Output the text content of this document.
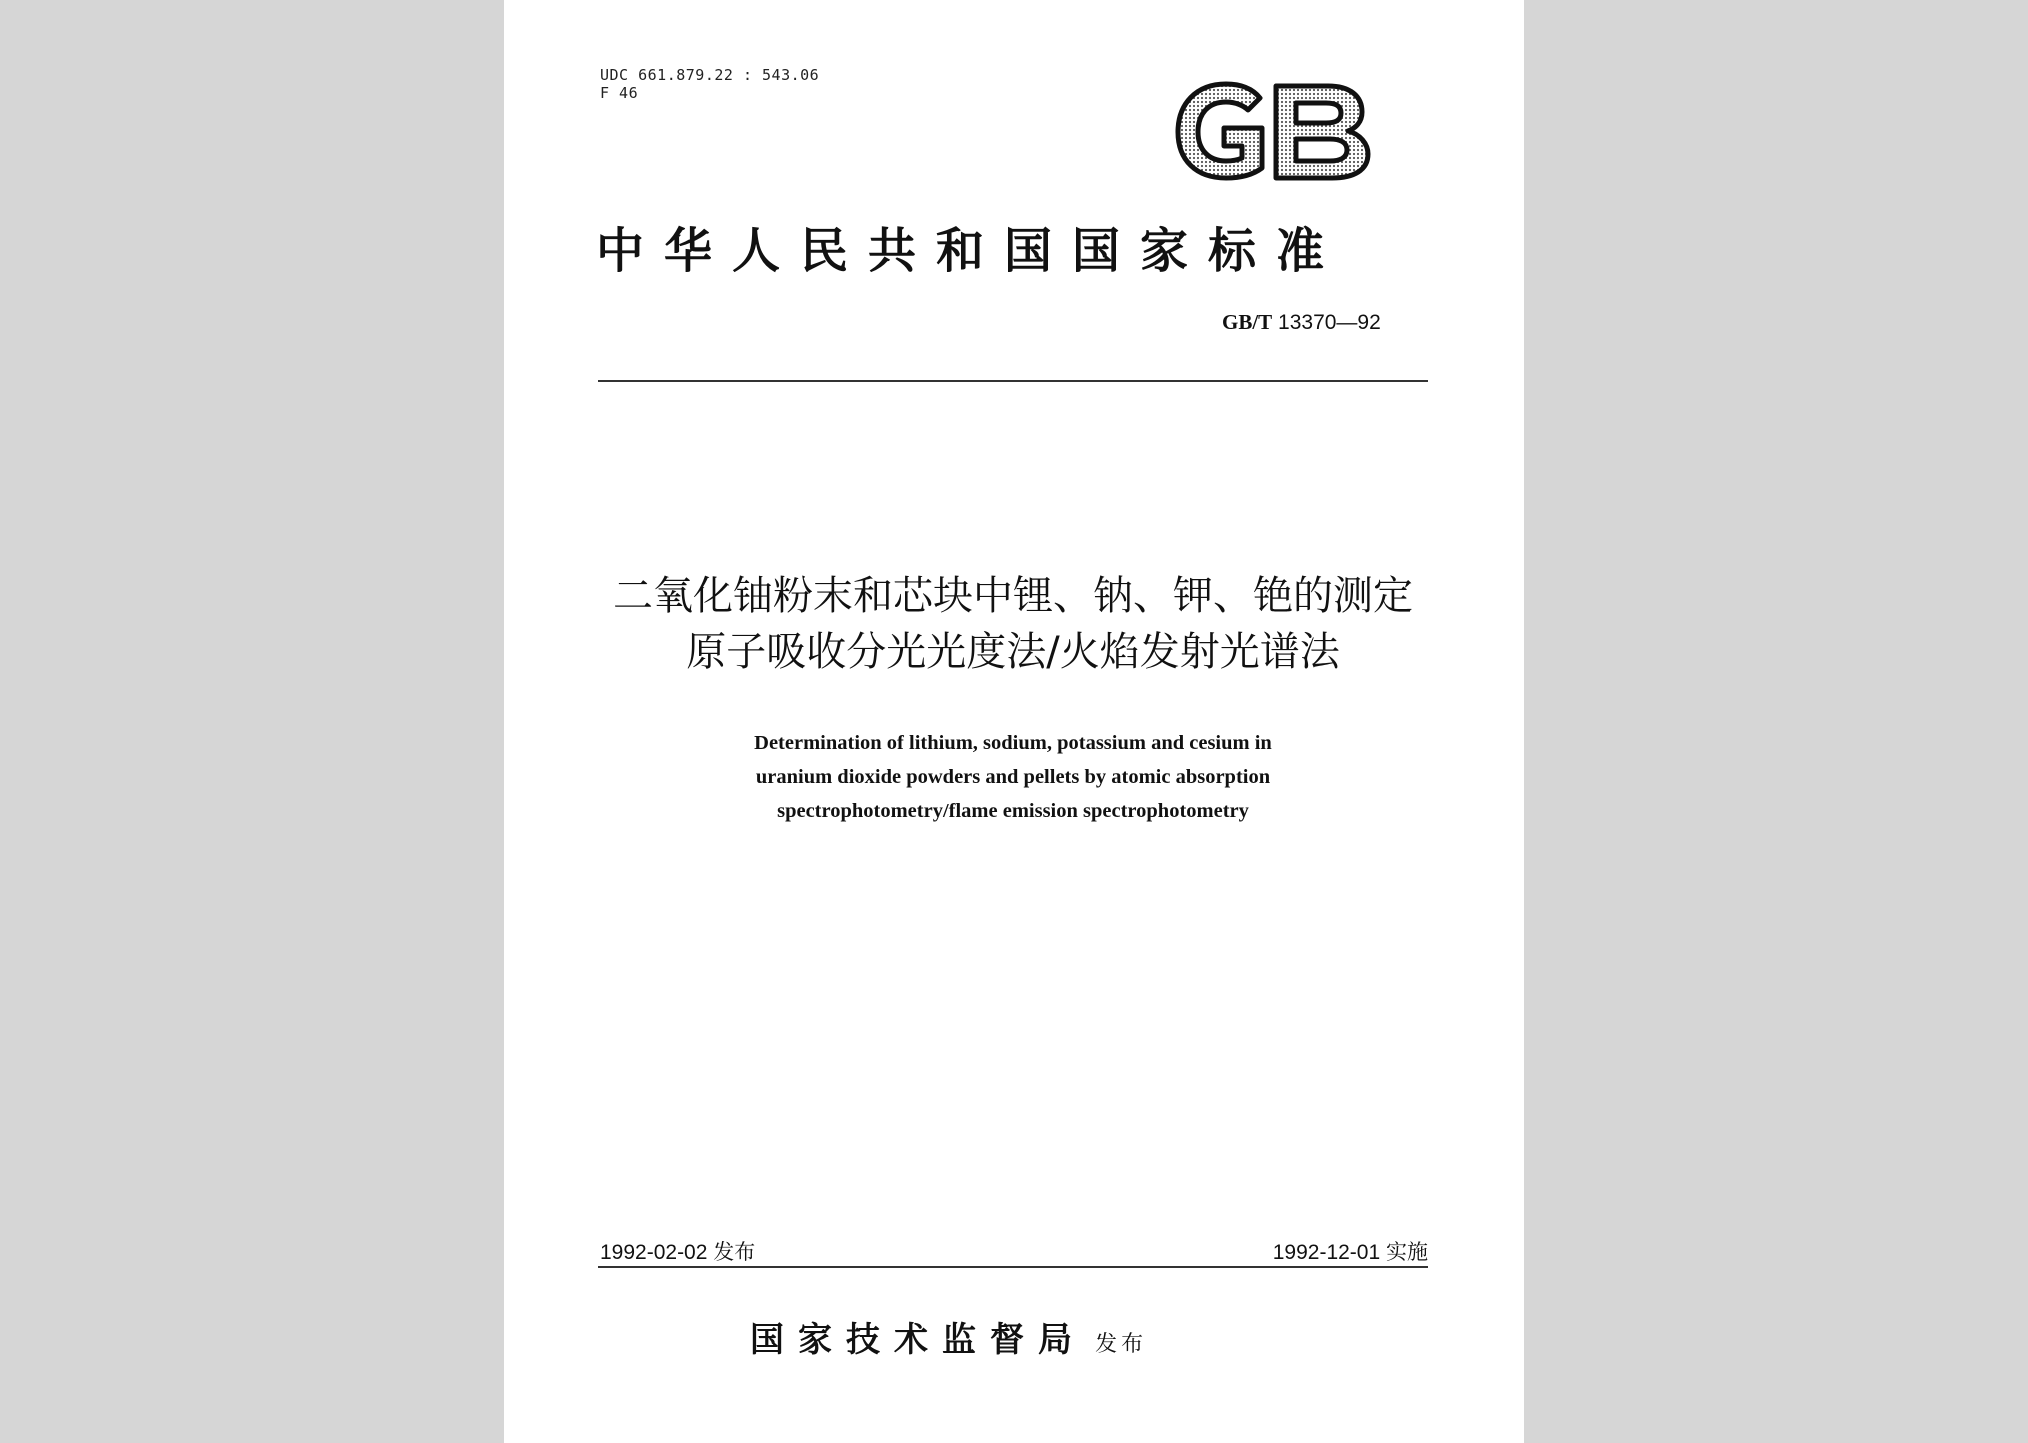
UDC 661.879.22 : 543.06
F 46
中华人民共和国国家标准
GB/T 13370—92
二氧化铀粉末和芯块中锂、钠、钾、铯的测定
原子吸收分光光度法/火焰发射光谱法
Determination of lithium, sodium, potassium and cesium in
uranium dioxide powders and pellets by atomic absorption
spectrophotometry/flame emission spectrophotometry
1992-02-02 发布	1992-12-01 实施
国家技术监督局 发布
